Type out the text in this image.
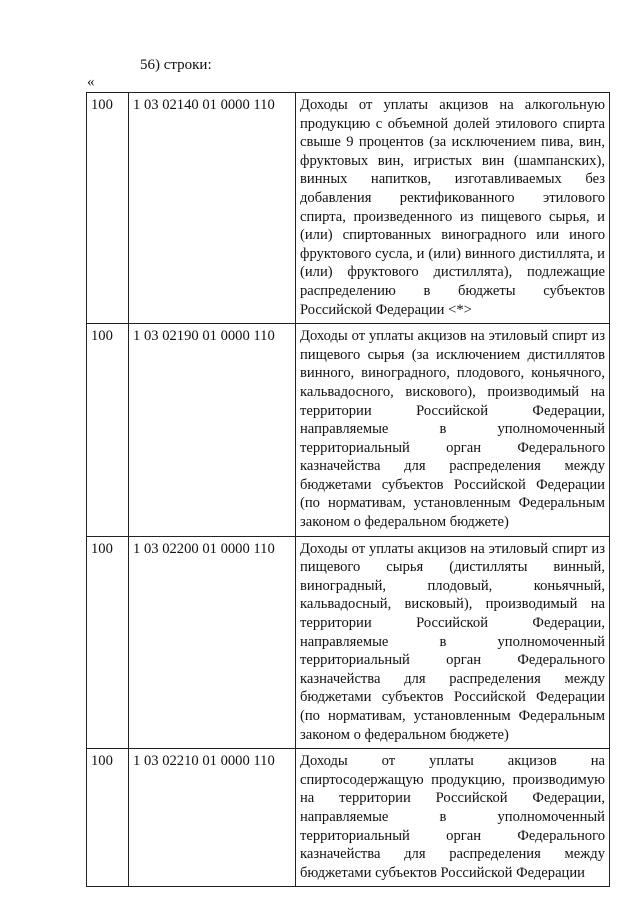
56) строки:
«
100	1 03 02140 01 0000 110	Доходы от уплаты акцизов на алкогольную продукцию с объемной долей этилового спирта свыше 9 процентов (за исключением пива, вин, фруктовых вин, игристых вин (шампанских), винных напитков, изготавливаемых без добавления ректификованного этилового спирта, произведенного из пищевого сырья, и (или) спиртованных виноградного или иного фруктового сусла, и (или) винного дистиллята, и (или) фруктового дистиллята), подлежащие распределению в бюджеты субъектов Российской Федерации <*>
100	1 03 02190 01 0000 110	Доходы от уплаты акцизов на этиловый спирт из пищевого сырья (за исключением дистиллятов винного, виноградного, плодового, коньячного, кальвадосного, вискового), производимый на территории Российской Федерации, направляемые в уполномоченный территориальный орган Федерального казначейства для распределения между бюджетами субъектов Российской Федерации (по нормативам, установленным Федеральным законом о федеральном бюджете)
100	1 03 02200 01 0000 110	Доходы от уплаты акцизов на этиловый спирт из пищевого сырья (дистилляты винный, виноградный, плодовый, коньячный, кальвадосный, висковый), производимый на территории Российской Федерации, направляемые в уполномоченный территориальный орган Федерального казначейства для распределения между бюджетами субъектов Российской Федерации (по нормативам, установленным Федеральным законом о федеральном бюджете)
100	1 03 02210 01 0000 110	Доходы от уплаты акцизов на спиртосодержащую продукцию, производимую на территории Российской Федерации, направляемые в уполномоченный территориальный орган Федерального казначейства для распределения между бюджетами субъектов Российской Федерации
